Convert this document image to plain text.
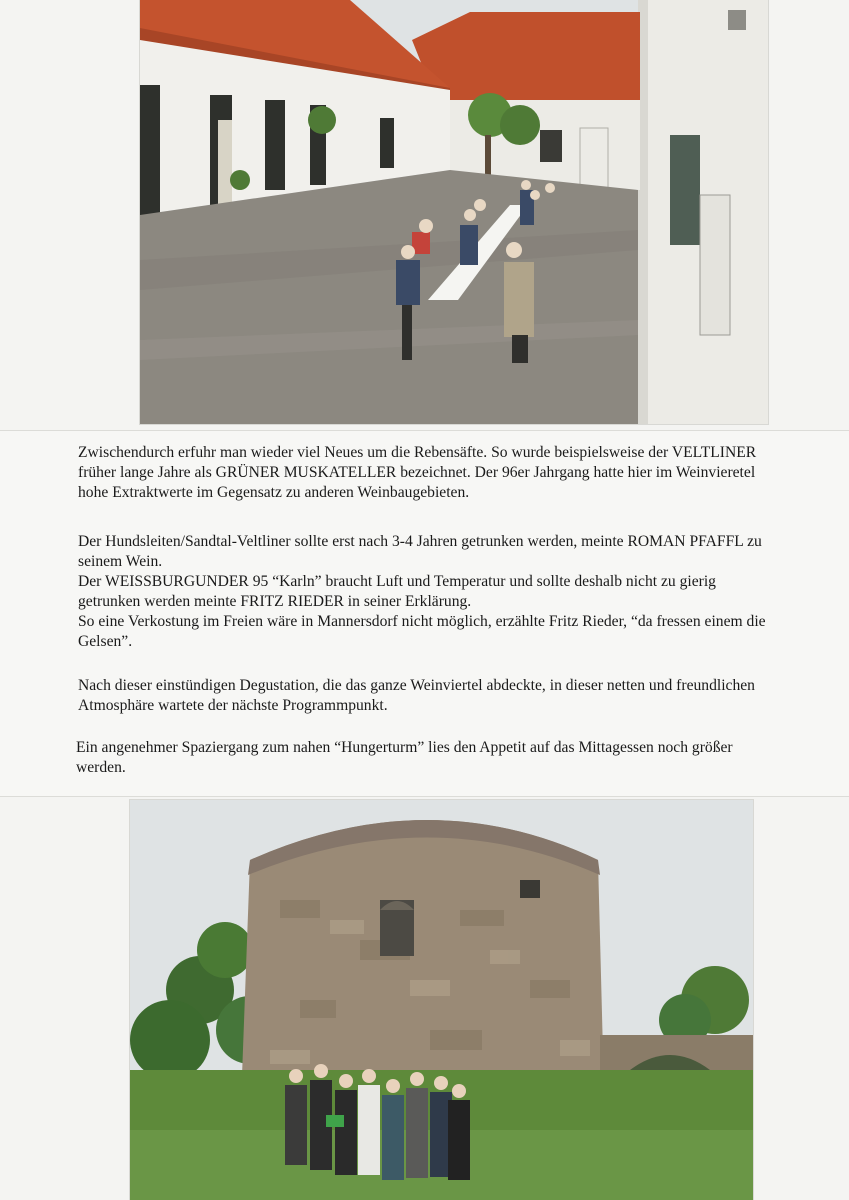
Zwischendurch erfuhr man wieder viel Neues um die Rebensäfte. So wurde beispielsweise der VELTLINER früher lange Jahre als GRÜNER MUSKATELLER bezeichnet. Der 96er Jahrgang hatte hier im Weinvieretel hohe Extraktwerte im Gegensatz zu anderen Weinbaugebieten.

Der Hundsleiten/Sandtal-Veltliner sollte erst nach 3-4 Jahren getrunken werden, meinte ROMAN PFAFFL zu seinem Wein.

Der WEISSBURGUNDER 95 “Karln” braucht Luft und Temperatur und sollte deshalb nicht zu gierig getrunken werden meinte FRITZ RIEDER in seiner Erklärung.

So eine Verkostung im Freien wäre in Mannersdorf nicht möglich, erzählte Fritz Rieder, “da fressen einem die Gelsen”.

Nach dieser einstündigen Degustation, die das ganze Weinviertel abdeckte, in dieser netten und freundlichen Atmosphäre wartete der nächste Programmpunkt.

Ein angenehmer Spaziergang zum nahen “Hungerturm” lies den Appetit auf das Mittagessen noch größer werden.
